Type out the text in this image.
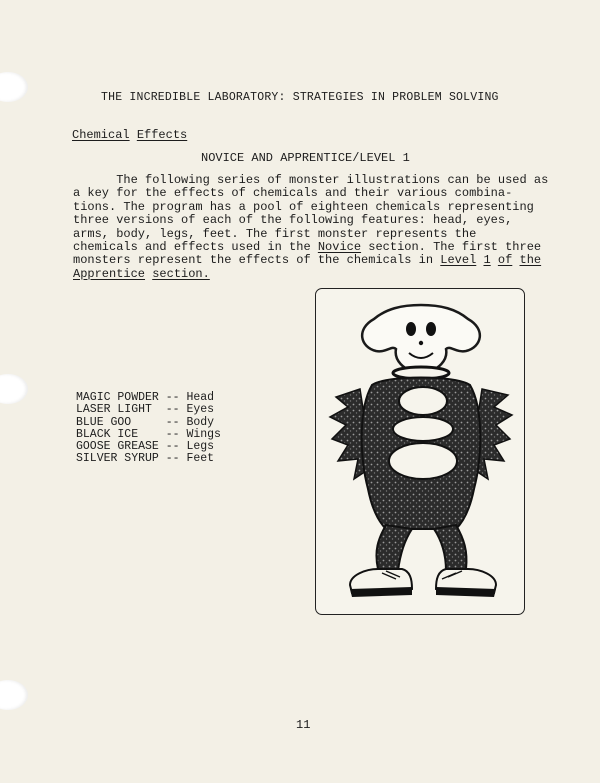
THE INCREDIBLE LABORATORY: STRATEGIES IN PROBLEM SOLVING
Chemical Effects
NOVICE AND APPRENTICE/LEVEL 1
The following series of monster illustrations can be used as
a key for the effects of chemicals and their various combina-
tions. The program has a pool of eighteen chemicals representing
three versions of each of the following features: head, eyes,
arms, body, legs, feet. The first monster represents the
chemicals and effects used in the Novice section. The first three
monsters represent the effects of the chemicals in Level 1 of the
Apprentice section.
MAGIC POWDER -- Head
LASER LIGHT  -- Eyes
BLUE GOO     -- Body
BLACK ICE    -- Wings
GOOSE GREASE -- Legs
SILVER SYRUP -- Feet
11
